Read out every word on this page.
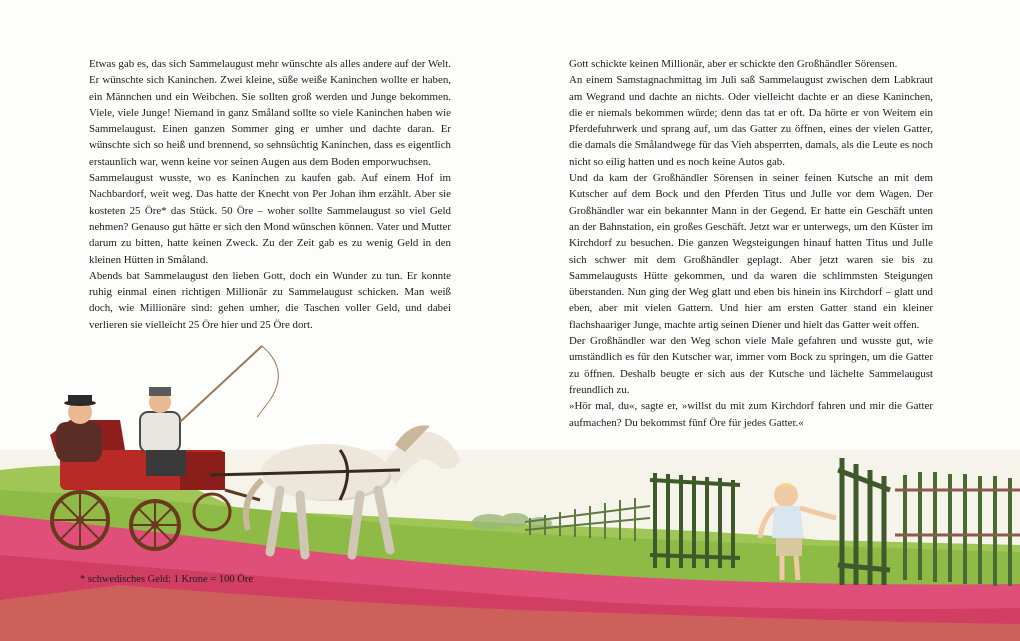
Etwas gab es, das sich Sammelaugust mehr wünschte als alles andere auf der Welt. Er wünschte sich Kaninchen. Zwei kleine, süße weiße Kaninchen wollte er haben, ein Männchen und ein Weibchen. Sie sollten groß werden und Junge bekommen. Viele, viele Junge! Niemand in ganz Småland sollte so viele Kaninchen haben wie Sammelaugust. Einen ganzen Sommer ging er umher und dachte daran. Er wünschte sich so heiß und brennend, so sehnsüchtig Kaninchen, dass es eigentlich erstaunlich war, wenn keine vor seinen Augen aus dem Boden emporwuchsen.

Sammelaugust wusste, wo es Kaninchen zu kaufen gab. Auf einem Hof im Nachbardorf, weit weg. Das hatte der Knecht von Per Johan ihm erzählt. Aber sie kosteten 25 Öre* das Stück. 50 Öre – woher sollte Sammelaugust so viel Geld nehmen? Genauso gut hätte er sich den Mond wünschen können. Vater und Mutter darum zu bitten, hatte keinen Zweck. Zu der Zeit gab es zu wenig Geld in den kleinen Hütten in Småland.

Abends bat Sammelaugust den lieben Gott, doch ein Wunder zu tun. Er konnte ruhig einmal einen richtigen Millionär zu Sammelaugust schicken. Man weiß doch, wie Millionäre sind: gehen umher, die Taschen voller Geld, und dabei verlieren sie vielleicht 25 Öre hier und 25 Öre dort.

Gott schickte keinen Millionär, aber er schickte den Großhändler Sörensen.

An einem Samstagnachmittag im Juli saß Sammelaugust zwischen dem Labkraut am Wegrand und dachte an nichts. Oder vielleicht dachte er an diese Kaninchen, die er niemals bekommen würde; denn das tat er oft. Da hörte er von Weitem ein Pferdefuhrwerk und sprang auf, um das Gatter zu öffnen, eines der vielen Gatter, die damals die Smålandwege für das Vieh absperrten, damals, als die Leute es noch nicht so eilig hatten und es noch keine Autos gab.

Und da kam der Großhändler Sörensen in seiner feinen Kutsche an mit dem Kutscher auf dem Bock und den Pferden Titus und Julle vor dem Wagen. Der Großhändler war ein bekannter Mann in der Gegend. Er hatte ein Geschäft unten an der Bahnstation, ein großes Geschäft. Jetzt war er unterwegs, um den Küster im Kirchdorf zu besuchen. Die ganzen Wegsteigungen hinauf hatten Titus und Julle sich schwer mit dem Großhändler geplagt. Aber jetzt waren sie bis zu Sammelaugusts Hütte gekommen, und da waren die schlimmsten Steigungen überstanden. Nun ging der Weg glatt und eben bis hinein ins Kirchdorf – glatt und eben, aber mit vielen Gattern. Und hier am ersten Gatter stand ein kleiner flachshaariger Junge, machte artig seinen Diener und hielt das Gatter weit offen.

Der Großhändler war den Weg schon viele Male gefahren und wusste gut, wie umständlich es für den Kutscher war, immer vom Bock zu springen, um die Gatter zu öffnen. Deshalb beugte er sich aus der Kutsche und lächelte Sammelaugust freundlich zu.

»Hör mal, du«, sagte er, »willst du mit zum Kirchdorf fahren und mir die Gatter aufmachen? Du bekommst fünf Öre für jedes Gatter.«

* schwedisches Geld: 1 Krone = 100 Öre
